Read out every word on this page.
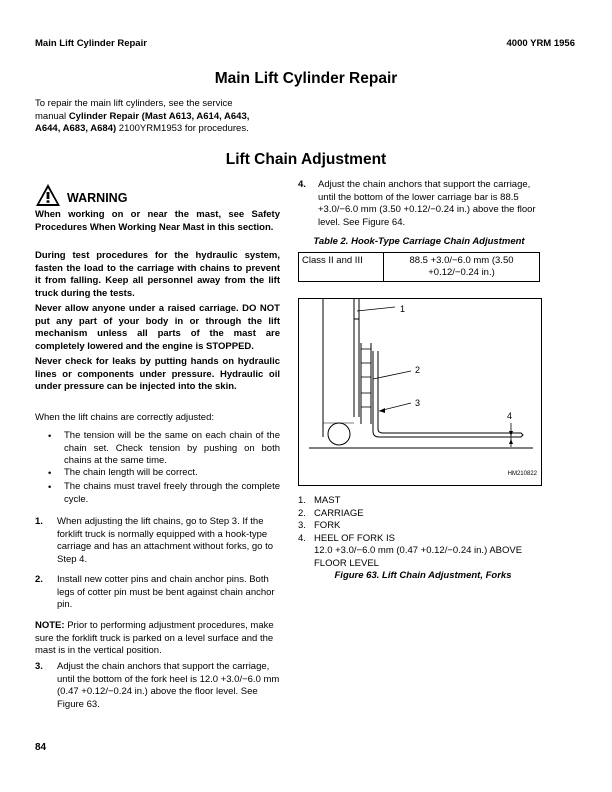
Main Lift Cylinder Repair	4000 YRM 1956
Main Lift Cylinder Repair
To repair the main lift cylinders, see the service
manual Cylinder Repair (Mast A613, A614, A643,
A644, A683, A684) 2100YRM1953 for procedures.
Lift Chain Adjustment
WARNING
When working on or near the mast, see Safety Procedures When Working Near Mast in this section.
During test procedures for the hydraulic system, fasten the load to the carriage with chains to prevent it from falling. Keep all personnel away from the lift truck during the tests.
Never allow anyone under a raised carriage. DO NOT put any part of your body in or through the lift mechanism unless all parts of the mast are completely lowered and the engine is STOPPED.
Never check for leaks by putting hands on hydraulic lines or components under pressure. Hydraulic oil under pressure can be injected into the skin.
When the lift chains are correctly adjusted:
• The tension will be the same on each chain of the chain set. Check tension by pushing on both chains at the same time.
• The chain length will be correct.
• The chains must travel freely through the complete cycle.
1. When adjusting the lift chains, go to Step 3. If the forklift truck is normally equipped with a hook-type carriage and has an attachment without forks, go to Step 4.
2. Install new cotter pins and chain anchor pins. Both legs of cotter pin must be bent against chain anchor pin.
NOTE: Prior to performing adjustment procedures, make sure the forklift truck is parked on a level surface and the mast is in the vertical position.
3. Adjust the chain anchors that support the carriage, until the bottom of the fork heel is 12.0 +3.0/−6.0 mm (0.47 +0.12/−0.24 in.) above the floor level. See Figure 63.
4. Adjust the chain anchors that support the carriage, until the bottom of the lower carriage bar is 88.5 +3.0/−6.0 mm (3.50 +0.12/−0.24 in.) above the floor level. See Figure 64.
Table 2. Hook-Type Carriage Chain Adjustment
Class II and III	88.5 +3.0/−6.0 mm (3.50 +0.12/−0.24 in.)
1
2
3
4
HM210822
1. MAST
2. CARRIAGE
3. FORK
4. HEEL OF FORK IS
12.0 +3.0/−6.0 mm (0.47 +0.12/−0.24 in.) ABOVE
FLOOR LEVEL
Figure 63. Lift Chain Adjustment, Forks
84
